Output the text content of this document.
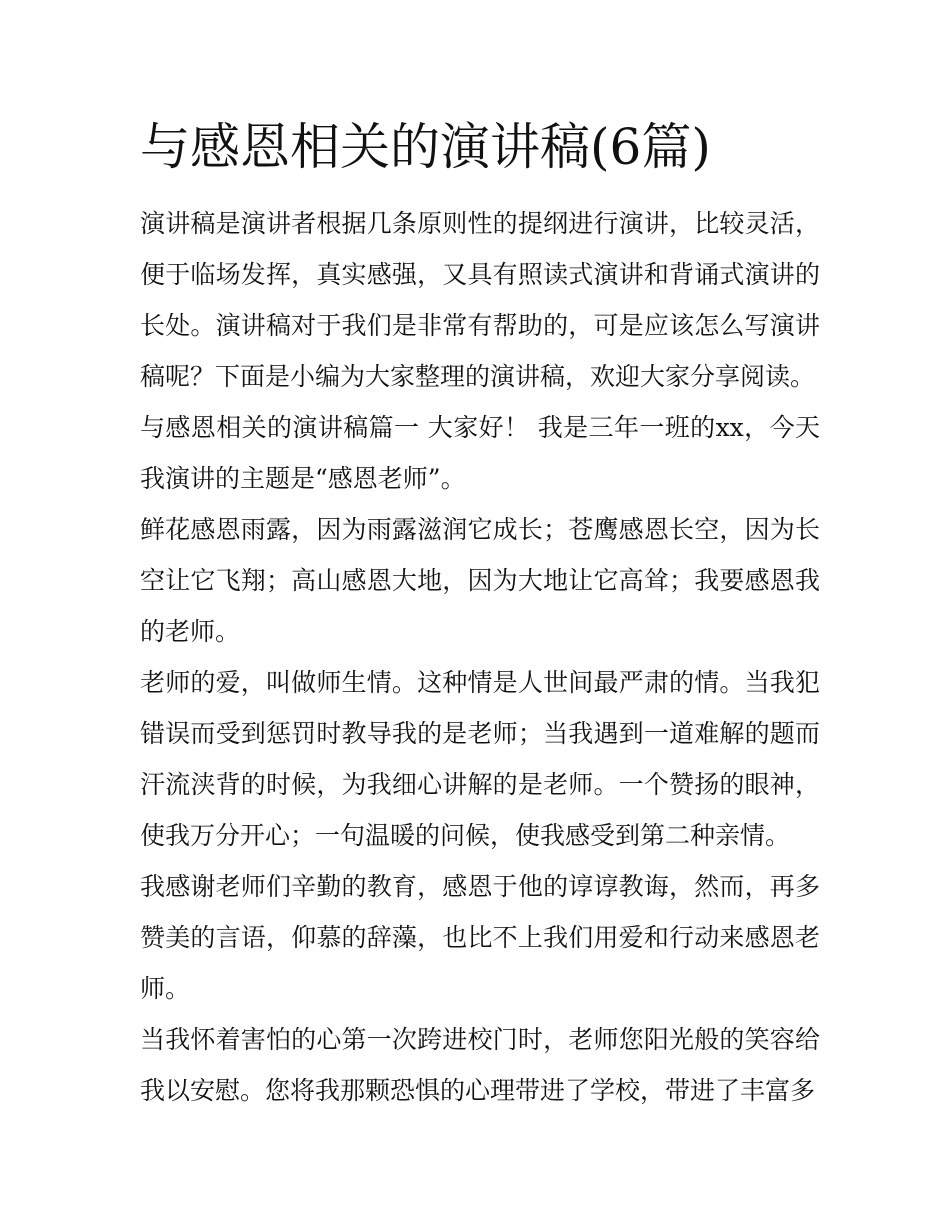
与感恩相关的演讲稿(6篇)

演讲稿是演讲者根据几条原则性的提纲进行演讲，比较灵活，便于临场发挥，真实感强，又具有照读式演讲和背诵式演讲的长处。演讲稿对于我们是非常有帮助的，可是应该怎么写演讲稿呢？下面是小编为大家整理的演讲稿，欢迎大家分享阅读。

与感恩相关的演讲稿篇一 大家好！ 我是三年一班的xx，今天我演讲的主题是“感恩老师”。

鲜花感恩雨露，因为雨露滋润它成长；苍鹰感恩长空，因为长空让它飞翔；高山感恩大地，因为大地让它高耸；我要感恩我的老师。

老师的爱，叫做师生情。这种情是人世间最严肃的情。当我犯错误而受到惩罚时教导我的是老师；当我遇到一道难解的题而汗流浃背的时候，为我细心讲解的是老师。一个赞扬的眼神，使我万分开心；一句温暖的问候，使我感受到第二种亲情。

我感谢老师们辛勤的教育，感恩于他的谆谆教诲，然而，再多赞美的言语，仰慕的辞藻，也比不上我们用爱和行动来感恩老师。

当我怀着害怕的心第一次跨进校门时，老师您阳光般的笑容给我以安慰。您将我那颗恐惧的心理带进了学校，带进了丰富多
